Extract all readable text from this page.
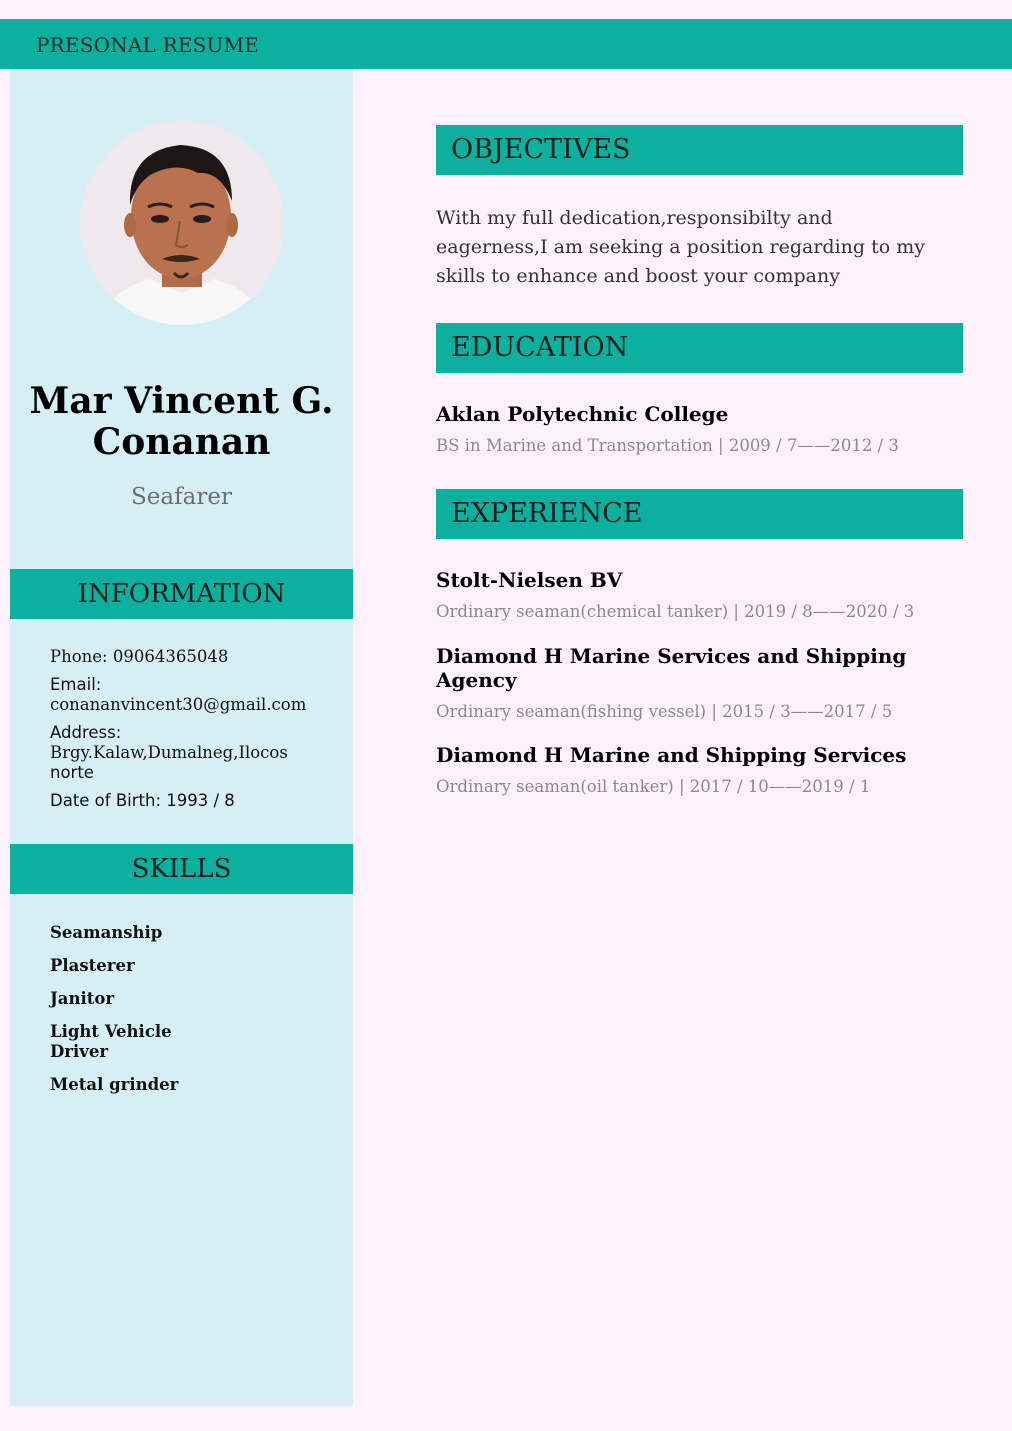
PRESONAL RESUME
Mar Vincent G.
Conanan
Seafarer
INFORMATION
Phone: 09064365048
Email:
conananvincent30@gmail.com
Address:
Brgy.Kalaw,Dumalneg,Ilocos
norte
Date of Birth: 1993 / 8
SKILLS
Seamanship
Plasterer
Janitor
Light Vehicle
Driver
Metal grinder
OBJECTIVES
With my full dedication,responsibilty and
eagerness,I am seeking a position regarding to my
skills to enhance and boost your company
EDUCATION
Aklan Polytechnic College
BS in Marine and Transportation | 2009 / 7——2012 / 3
EXPERIENCE
Stolt-Nielsen BV
Ordinary seaman(chemical tanker) | 2019 / 8——2020 / 3
Diamond H Marine Services and Shipping
Agency
Ordinary seaman(fishing vessel) | 2015 / 3——2017 / 5
Diamond H Marine and Shipping Services
Ordinary seaman(oil tanker) | 2017 / 10——2019 / 1
